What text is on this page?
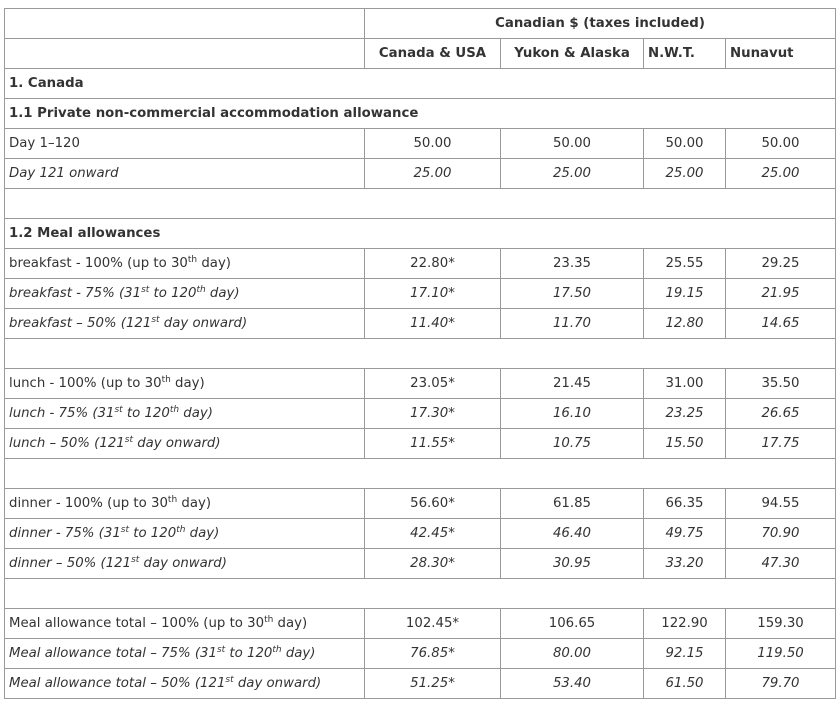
	Canadian $ (taxes included)			
	Canada & USA	Yukon & Alaska	N.W.T.	Nunavut
1. Canada				
1.1 Private non-commercial accommodation allowance				
Day 1–120	50.00	50.00	50.00	50.00
Day 121 onward	25.00	25.00	25.00	25.00

1.2 Meal allowances				
breakfast - 100% (up to 30th day)	22.80*	23.35	25.55	29.25
breakfast - 75% (31st to 120th day)	17.10*	17.50	19.15	21.95
breakfast – 50% (121st day onward)	11.40*	11.70	12.80	14.65

lunch - 100% (up to 30th day)	23.05*	21.45	31.00	35.50
lunch - 75% (31st to 120th day)	17.30*	16.10	23.25	26.65
lunch – 50% (121st day onward)	11.55*	10.75	15.50	17.75

dinner - 100% (up to 30th day)	56.60*	61.85	66.35	94.55
dinner - 75% (31st to 120th day)	42.45*	46.40	49.75	70.90
dinner – 50% (121st day onward)	28.30*	30.95	33.20	47.30

Meal allowance total – 100% (up to 30th day)	102.45*	106.65	122.90	159.30
Meal allowance total – 75% (31st to 120th day)	76.85*	80.00	92.15	119.50
Meal allowance total – 50% (121st day onward)	51.25*	53.40	61.50	79.70
